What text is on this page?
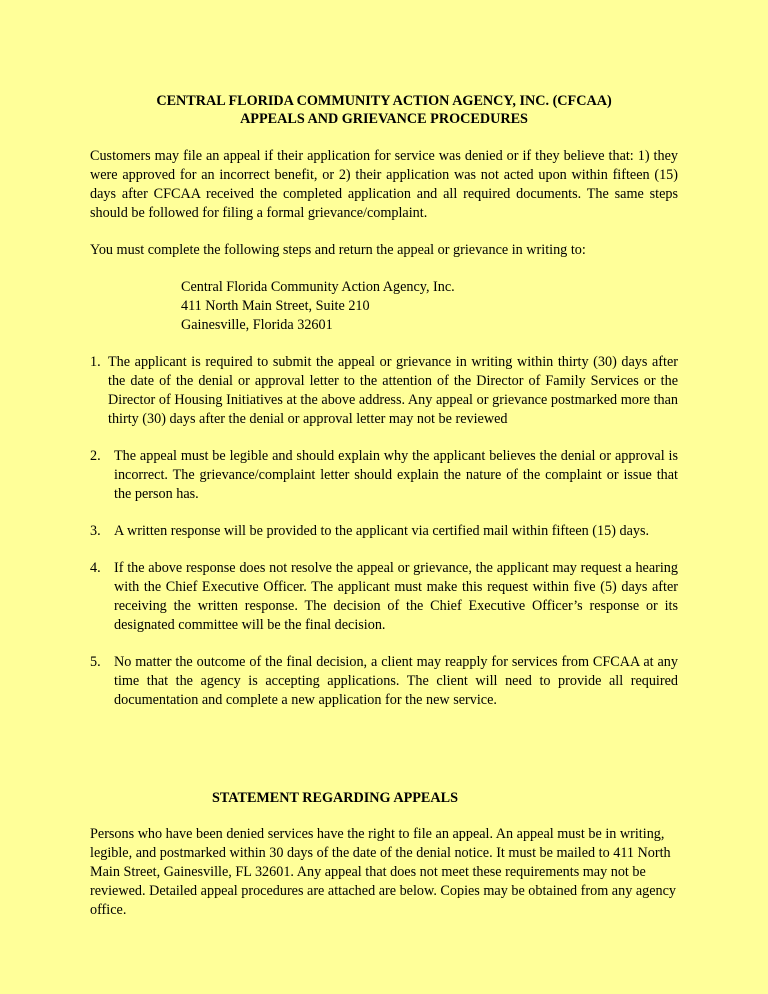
CENTRAL FLORIDA COMMUNITY ACTION AGENCY, INC. (CFCAA)

APPEALS AND GRIEVANCE PROCEDURES

Customers may file an appeal if their application for service was denied or if they believe that: 1) they were approved for an incorrect benefit, or 2) their application was not acted upon within fifteen (15) days after CFCAA received the completed application and all required documents. The same steps should be followed for filing a formal grievance/complaint.

You must complete the following steps and return the appeal or grievance in writing to:

Central Florida Community Action Agency, Inc.
411 North Main Street, Suite 210
Gainesville, Florida 32601
1. The applicant is required to submit the appeal or grievance in writing within thirty (30) days after the date of the denial or approval letter to the attention of the Director of Family Services or the Director of Housing Initiatives at the above address. Any appeal or grievance postmarked more than thirty (30) days after the denial or approval letter may not be reviewed
2. The appeal must be legible and should explain why the applicant believes the denial or approval is incorrect. The grievance/complaint letter should explain the nature of the complaint or issue that the person has.
3. A written response will be provided to the applicant via certified mail within fifteen (15) days.
4. If the above response does not resolve the appeal or grievance, the applicant may request a hearing with the Chief Executive Officer. The applicant must make this request within five (5) days after receiving the written response. The decision of the Chief Executive Officer’s response or its designated committee will be the final decision.
5. No matter the outcome of the final decision, a client may reapply for services from CFCAA at any time that the agency is accepting applications. The client will need to provide all required documentation and complete a new application for the new service.

STATEMENT REGARDING APPEALS

Persons who have been denied services have the right to file an appeal. An appeal must be in writing, legible, and postmarked within 30 days of the date of the denial notice. It must be mailed to 411 North Main Street, Gainesville, FL 32601. Any appeal that does not meet these requirements may not be reviewed. Detailed appeal procedures are attached are below. Copies may be obtained from any agency office.
